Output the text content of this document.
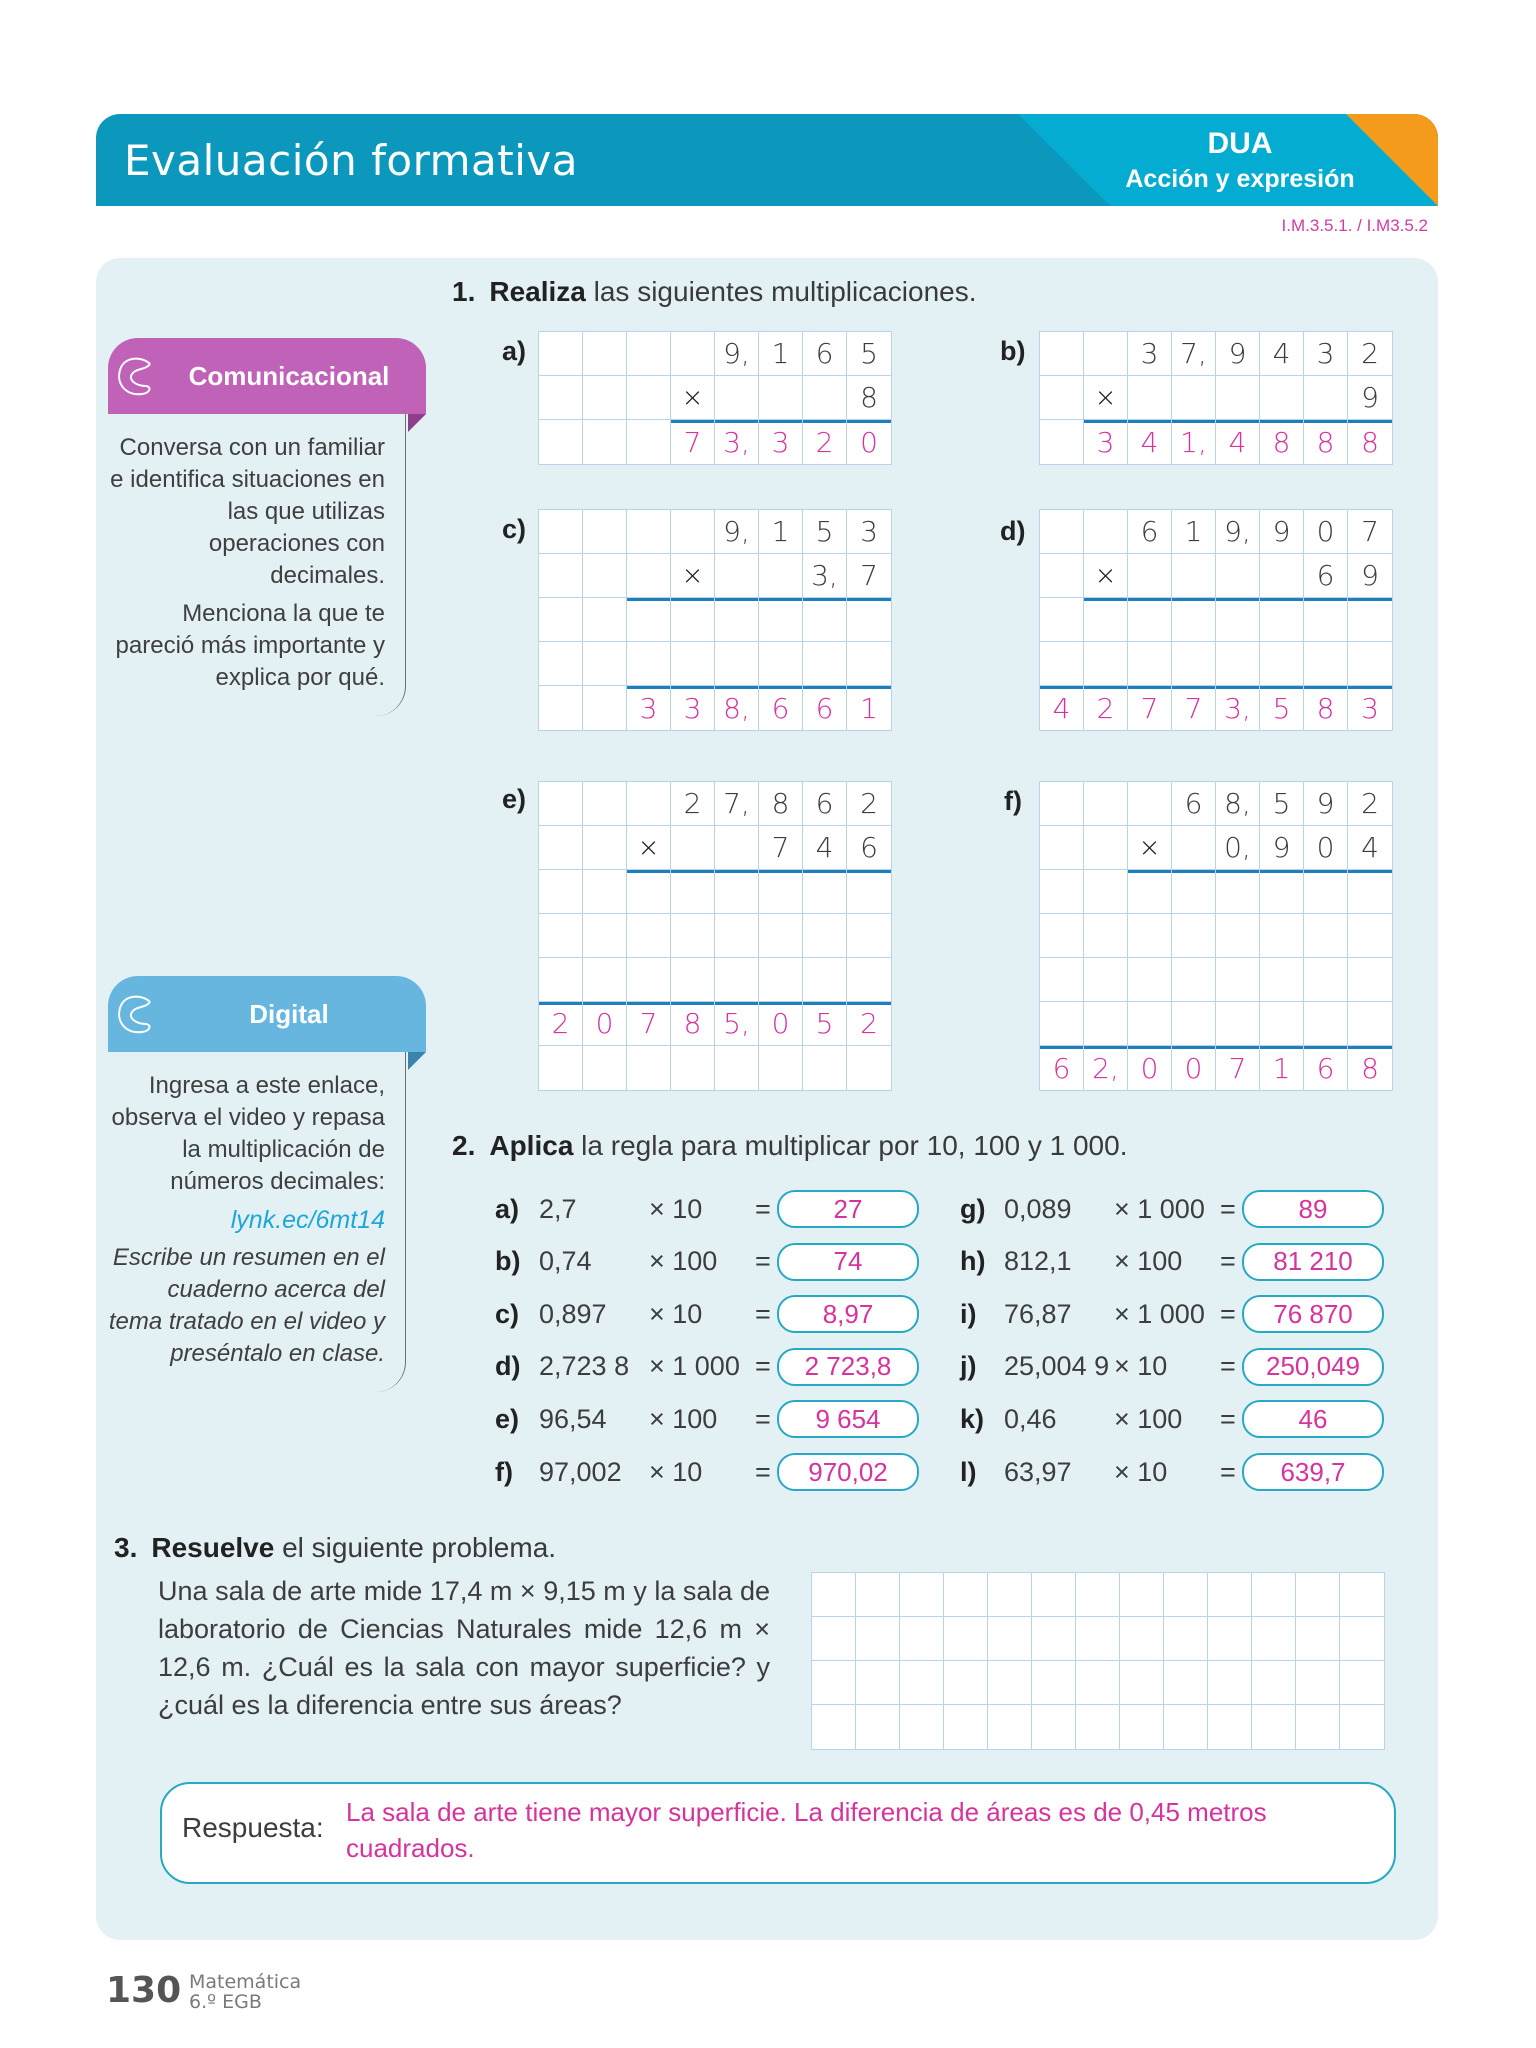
Evaluación formativa	DUA
Acción y expresión
I.M.3.5.1. / I.M3.5.2
Comunicacional

Conversa con un familiar e identifica situaciones en las que utilizas operaciones con decimales.

Menciona la que te pareció más importante y explica por qué.

Digital

Ingresa a este enlace, observa el video y repasa la multiplicación de números decimales:

lynk.ec/6mt14

Escribe un resumen en el cuaderno acerca del tema tratado en el video y preséntalo en clase.

1. Realiza las siguientes multiplicaciones.
a)	b)
c)	d)
e)	f)
9, 1 6 5
×	8
7 3, 3 2 0
3 7, 9 4 3 2
×	9
3 4 1, 4 8 8 8
9, 1 5 3
×	3, 7
3 3 8, 6 6 1
6 1 9, 9 0 7
×	6 9
4 2 7 7 3, 5 8 3
2 7, 8 6 2
×	7 4 6
2 0 7 8 5, 0 5 2
6 8, 5 9 2
×	0, 9 0 4
6 2, 0 0 7 1 6 8
2. Aplica la regla para multiplicar por 10, 100 y 1 000.
a) 2,7	× 10	=	27
b) 0,74	× 100	=	74
c) 0,897	× 10	=	8,97
d) 2,723 8 × 1 000 =	2 723,8
e) 96,54	× 100	=	9 654
f) 97,002	× 10	=	970,02
g) 0,089	× 1 000 =	89
h) 812,1	× 100	=	81 210
i)	76,87	× 1 000 =	76 870
j)	25,004 9 × 10	=	250,049
k) 0,46	× 100	=	46
l)	63,97	× 10	=	639,7
3. Resuelve el siguiente problema.
Una sala de arte mide 17,4 m × 9,15 m y la sala de laboratorio de Ciencias Naturales mide 12,6 m × 12,6 m. ¿Cuál es la sala con mayor superficie? y ¿cuál es la diferencia entre sus áreas?
Respuesta: La sala de arte tiene mayor superficie. La diferencia de áreas es de 0,45 metros cuadrados.
130 Matemática
6.º EGB
